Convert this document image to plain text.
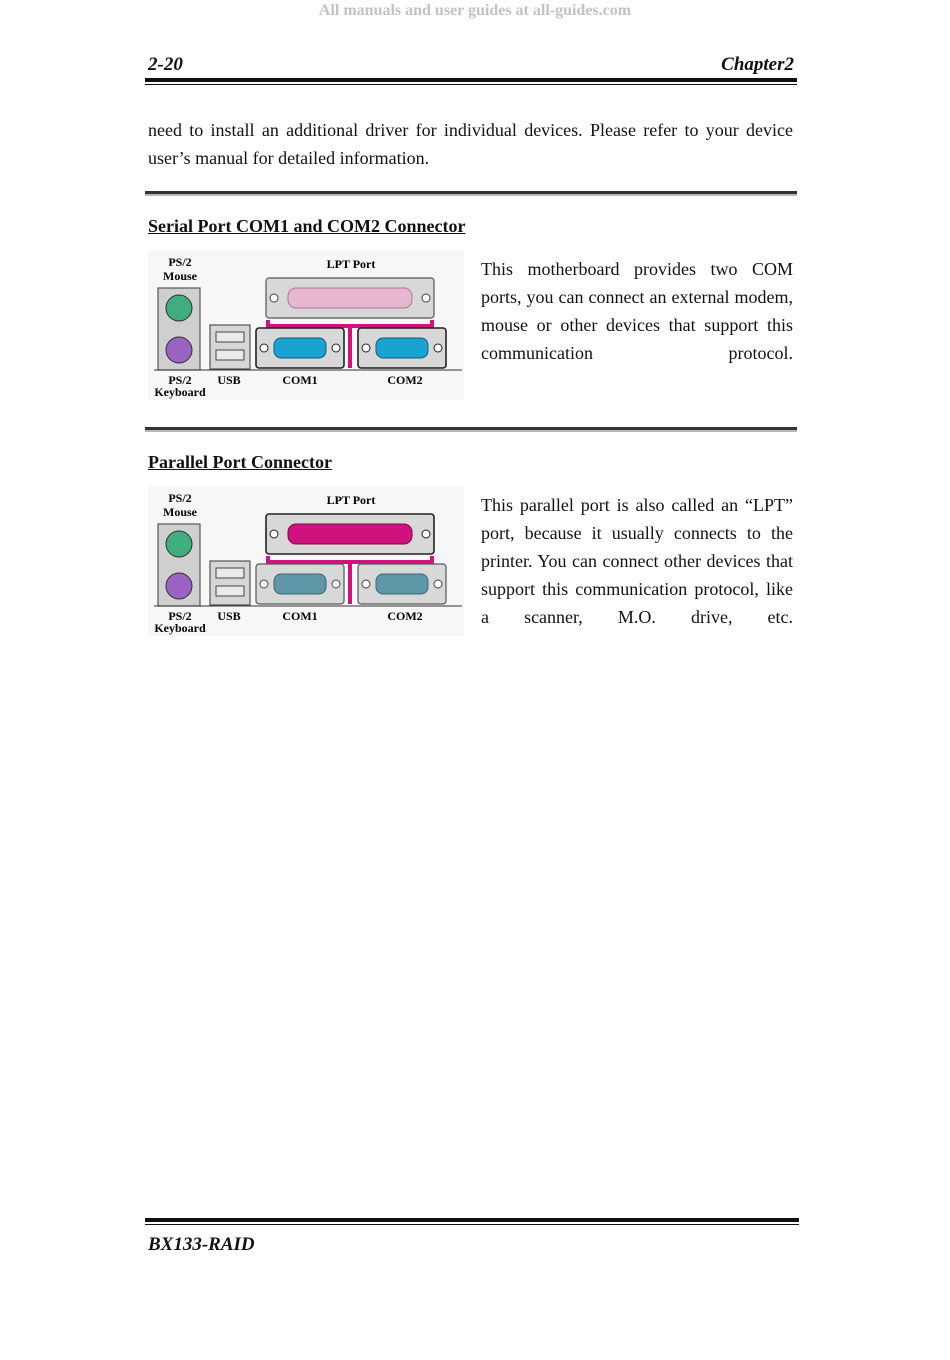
All manuals and user guides at all-guides.com
2-20	Chapter2

need to install an additional driver for individual devices. Please refer to your device user’s manual for detailed information.

Serial Port COM1 and COM2 Connector
PS/2
Mouse
LPT Port
PS/2
Keyboard
USB	COM1	COM2

This motherboard provides two COM ports, you can connect an external modem, mouse or other devices that support this communication protocol.

Parallel Port Connector
PS/2
Mouse
LPT Port
PS/2
Keyboard
USB	COM1	COM2

This parallel port is also called an “LPT” port, because it usually connects to the printer. You can connect other devices that support this communication protocol, like a scanner, M.O. drive, etc.

BX133-RAID
